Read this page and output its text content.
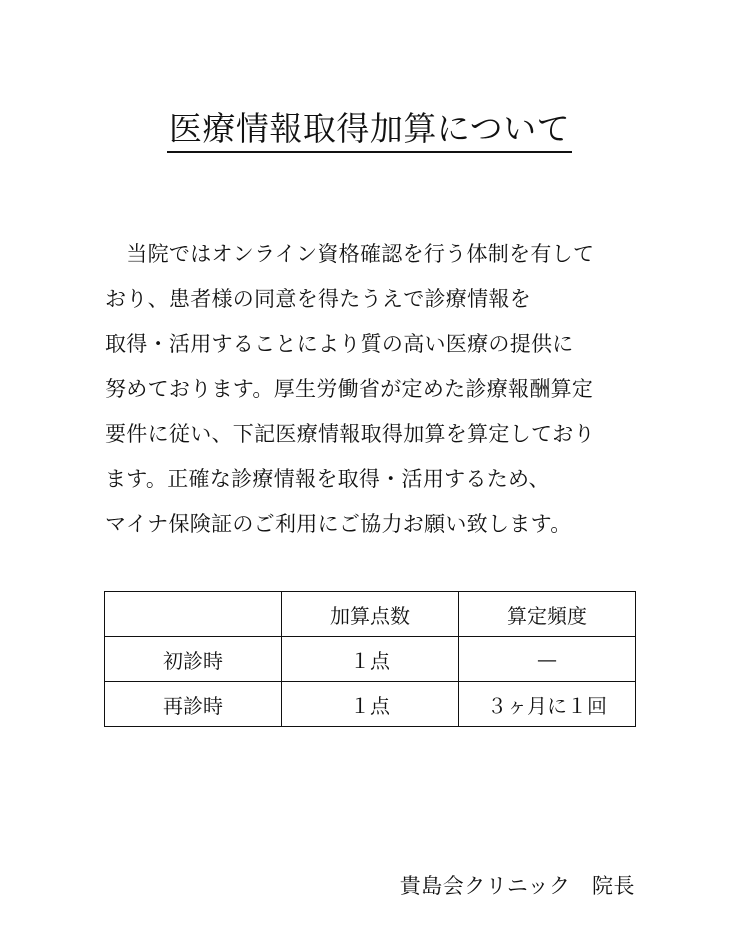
医療情報取得加算について
　当院ではオンライン資格確認を行う体制を有して
おり、患者様の同意を得たうえで診療情報を
取得・活用することにより質の高い医療の提供に
努めております。厚生労働省が定めた診療報酬算定
要件に従い、下記医療情報取得加算を算定しており
ます。正確な診療情報を取得・活用するため、
マイナ保険証のご利用にご協力お願い致します。
	加算点数	算定頻度
初診時	１点	—
再診時	１点	３ヶ月に１回
貴島会クリニック　院長
